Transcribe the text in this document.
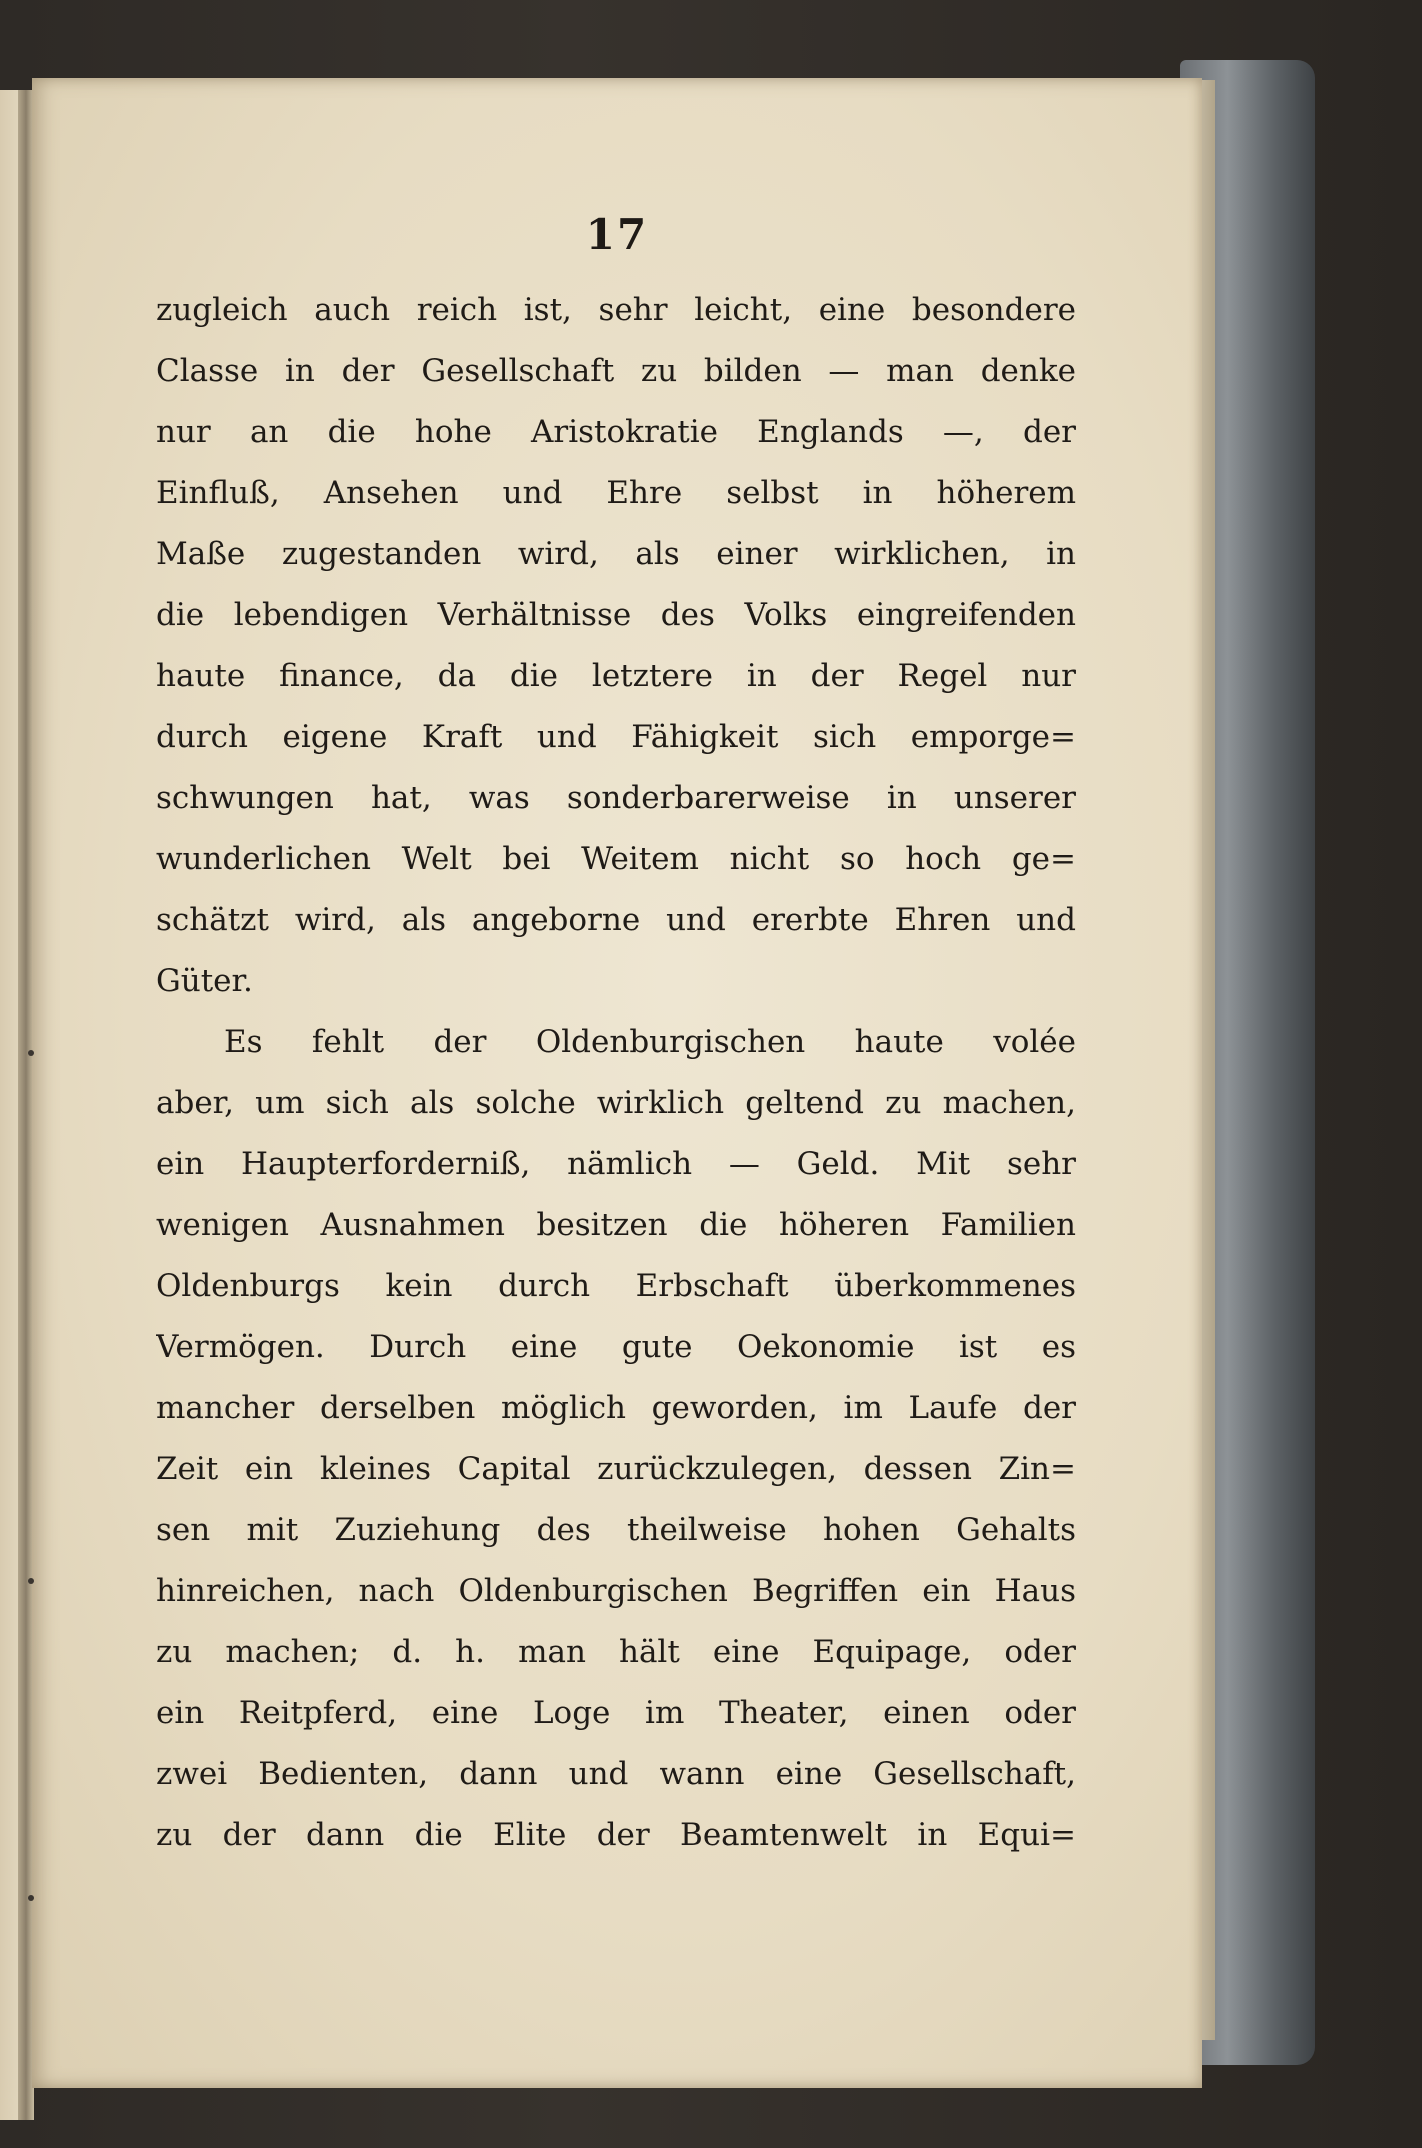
17
zugleich auch reich ist, sehr leicht, eine besondere
Classe in der Gesellschaft zu bilden — man denke
nur an die hohe Aristokratie Englands —, der
Einfluß, Ansehen und Ehre selbst in höherem
Maße zugestanden wird, als einer wirklichen, in
die lebendigen Verhältnisse des Volks eingreifenden
haute finance, da die letztere in der Regel nur
durch eigene Kraft und Fähigkeit sich emporge=
schwungen hat, was sonderbarerweise in unserer
wunderlichen Welt bei Weitem nicht so hoch ge=
schätzt wird, als angeborne und ererbte Ehren und
Güter.
Es fehlt der Oldenburgischen haute volée
aber, um sich als solche wirklich geltend zu machen,
ein Haupterforderniß, nämlich — Geld. Mit sehr
wenigen Ausnahmen besitzen die höheren Familien
Oldenburgs kein durch Erbschaft überkommenes
Vermögen. Durch eine gute Oekonomie ist es
mancher derselben möglich geworden, im Laufe der
Zeit ein kleines Capital zurückzulegen, dessen Zin=
sen mit Zuziehung des theilweise hohen Gehalts
hinreichen, nach Oldenburgischen Begriffen ein Haus
zu machen; d. h. man hält eine Equipage, oder
ein Reitpferd, eine Loge im Theater, einen oder
zwei Bedienten, dann und wann eine Gesellschaft,
zu der dann die Elite der Beamtenwelt in Equi=
